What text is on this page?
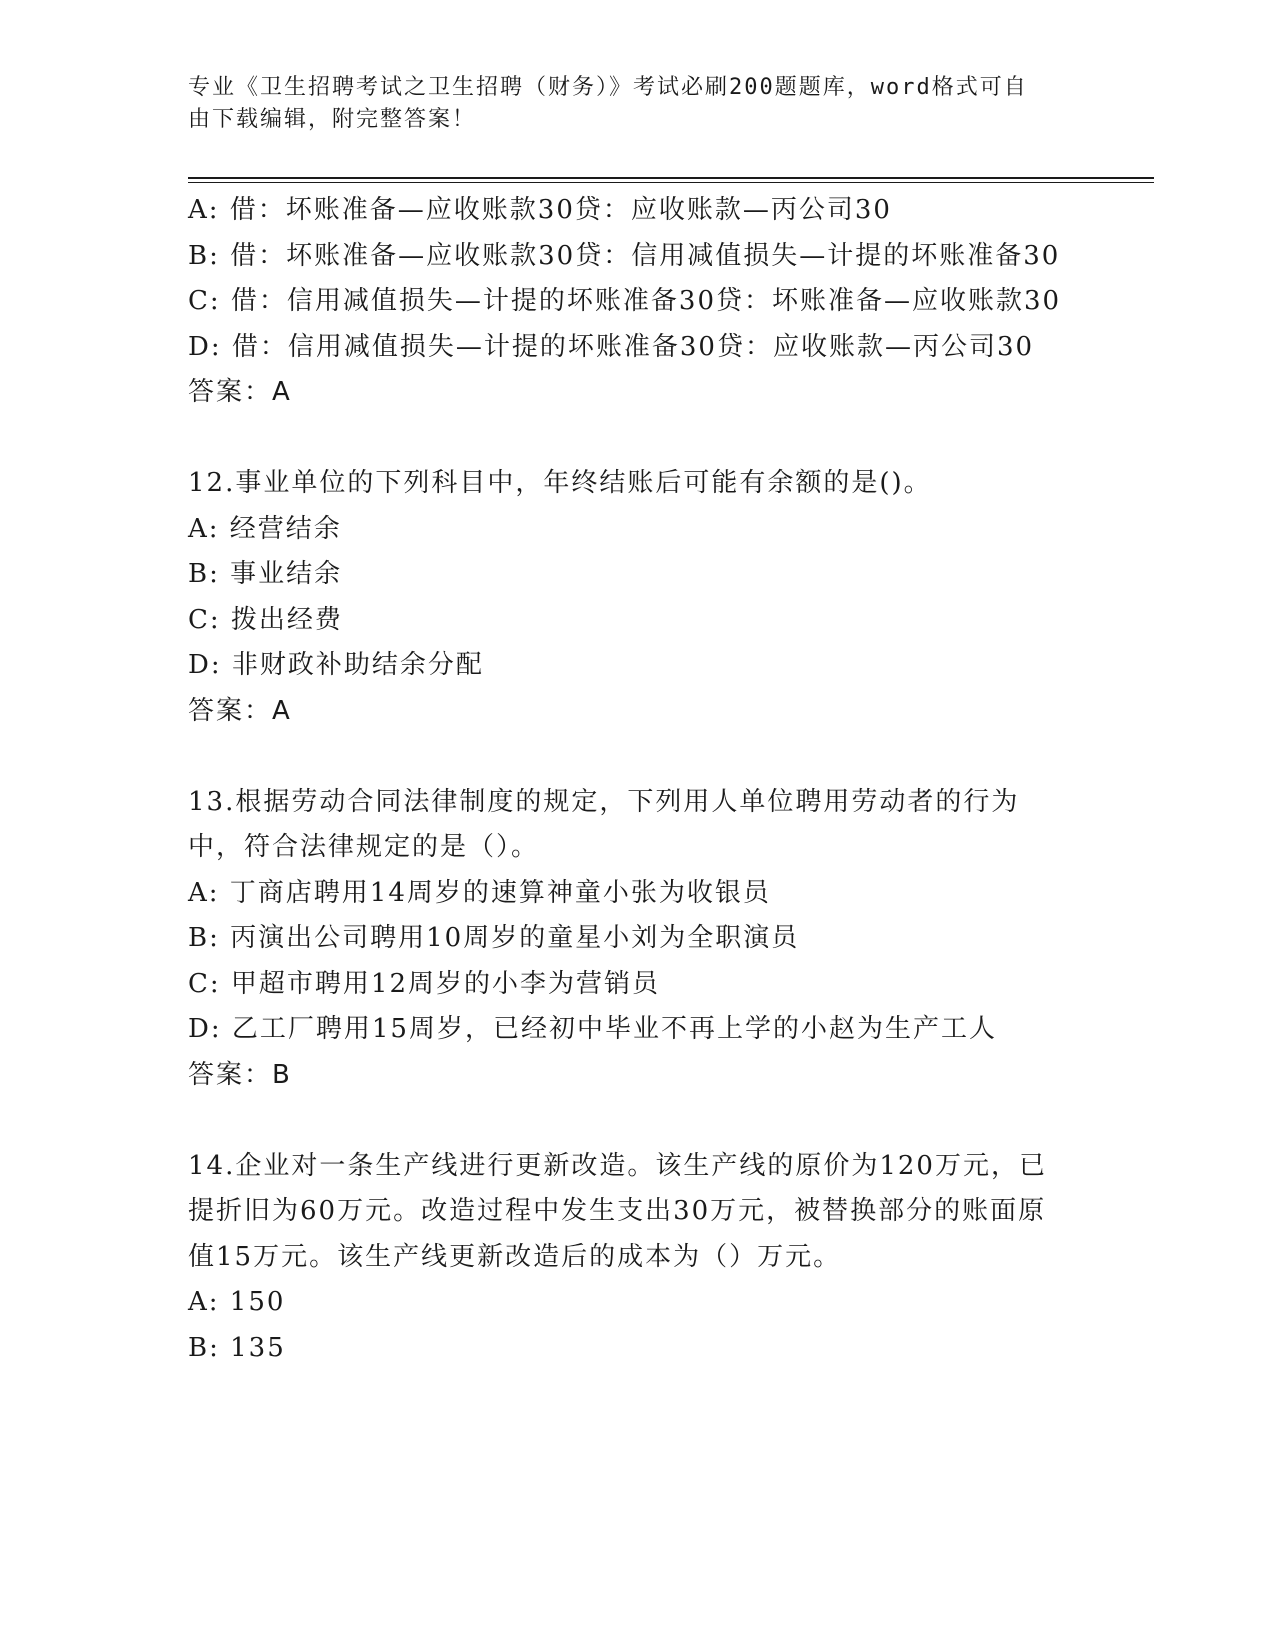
专业《卫生招聘考试之卫生招聘（财务）》考试必刷200题题库，word格式可自
由下载编辑，附完整答案！

A: 借：坏账准备—应收账款30贷：应收账款—丙公司30

B: 借：坏账准备—应收账款30贷：信用减值损失—计提的坏账准备30

C: 借：信用减值损失—计提的坏账准备30贷：坏账准备—应收账款30

D: 借：信用减值损失—计提的坏账准备30贷：应收账款—丙公司30

答案：A

12.事业单位的下列科目中，年终结账后可能有余额的是()。

A: 经营结余

B: 事业结余

C: 拨出经费

D: 非财政补助结余分配

答案：A

13.根据劳动合同法律制度的规定，下列用人单位聘用劳动者的行为中，符合法律规定的是（）。

A: 丁商店聘用14周岁的速算神童小张为收银员

B: 丙演出公司聘用10周岁的童星小刘为全职演员

C: 甲超市聘用12周岁的小李为营销员

D: 乙工厂聘用15周岁，已经初中毕业不再上学的小赵为生产工人

答案：B

14.企业对一条生产线进行更新改造。该生产线的原价为120万元，已提折旧为60万元。改造过程中发生支出30万元，被替换部分的账面原值15万元。该生产线更新改造后的成本为（）万元。

A: 150

B: 135
